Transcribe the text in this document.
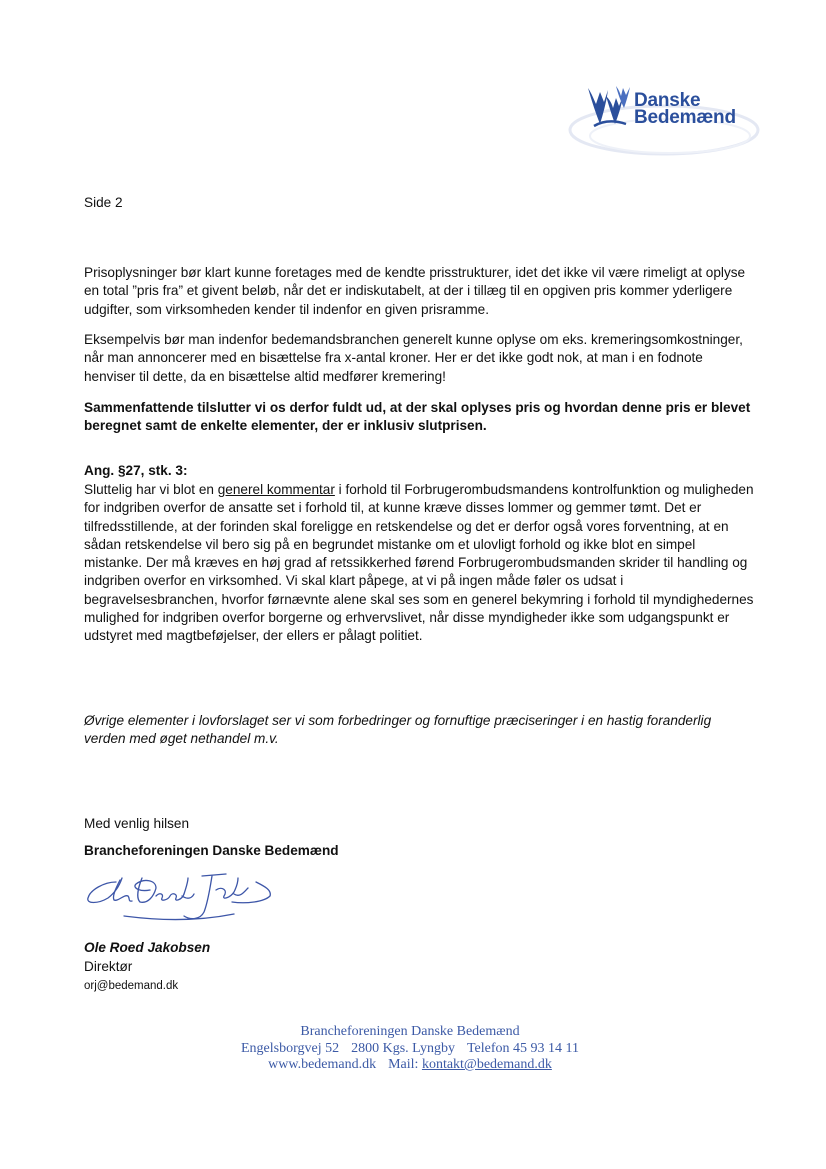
Danske
Bedemænd

Side 2

Prisoplysninger bør klart kunne foretages med de kendte prisstrukturer, idet det ikke vil være rimeligt at oplyse en total ”pris fra” et givent beløb, når det er indiskutabelt, at der i tillæg til en opgiven pris kommer yderligere udgifter, som virksomheden kender til indenfor en given prisramme.

Eksempelvis bør man indenfor bedemandsbranchen generelt kunne oplyse om eks. kremeringsomkostninger, når man annoncerer med en bisættelse fra x-antal kroner. Her er det ikke godt nok, at man i en fodnote henviser til dette, da en bisættelse altid medfører kremering!

Sammenfattende tilslutter vi os derfor fuldt ud, at der skal oplyses pris og hvordan denne pris er blevet beregnet samt de enkelte elementer, der er inklusiv slutprisen.

Ang. §27, stk. 3:

Sluttelig har vi blot en generel kommentar i forhold til Forbrugerombudsmandens kontrolfunktion og muligheden for indgriben overfor de ansatte set i forhold til, at kunne kræve disses lommer og gemmer tømt. Det er tilfredsstillende, at der forinden skal foreligge en retskendelse og det er derfor også vores forventning, at en sådan retskendelse vil bero sig på en begrundet mistanke om et ulovligt forhold og ikke blot en simpel mistanke. Der må kræves en høj grad af retssikkerhed førend Forbrugerombudsmanden skrider til handling og indgriben overfor en virksomhed. Vi skal klart påpege, at vi på ingen måde føler os udsat i begravelsesbranchen, hvorfor førnævnte alene skal ses som en generel bekymring i forhold til myndighedernes mulighed for indgriben overfor borgerne og erhvervslivet, når disse myndigheder ikke som udgangspunkt er udstyret med magtbeføjelser, der ellers er pålagt politiet.

Øvrige elementer i lovforslaget ser vi som forbedringer og fornuftige præciseringer i en hastig foranderlig verden med øget nethandel m.v.

Med venlig hilsen

Brancheforeningen Danske Bedemænd

Ole Roed Jakobsen

Direktør

orj@bedemand.dk

Brancheforeningen Danske Bedemænd
Engelsborgvej 52 2800 Kgs. Lyngby Telefon 45 93 14 11
www.bedemand.dk Mail: kontakt@bedemand.dk
